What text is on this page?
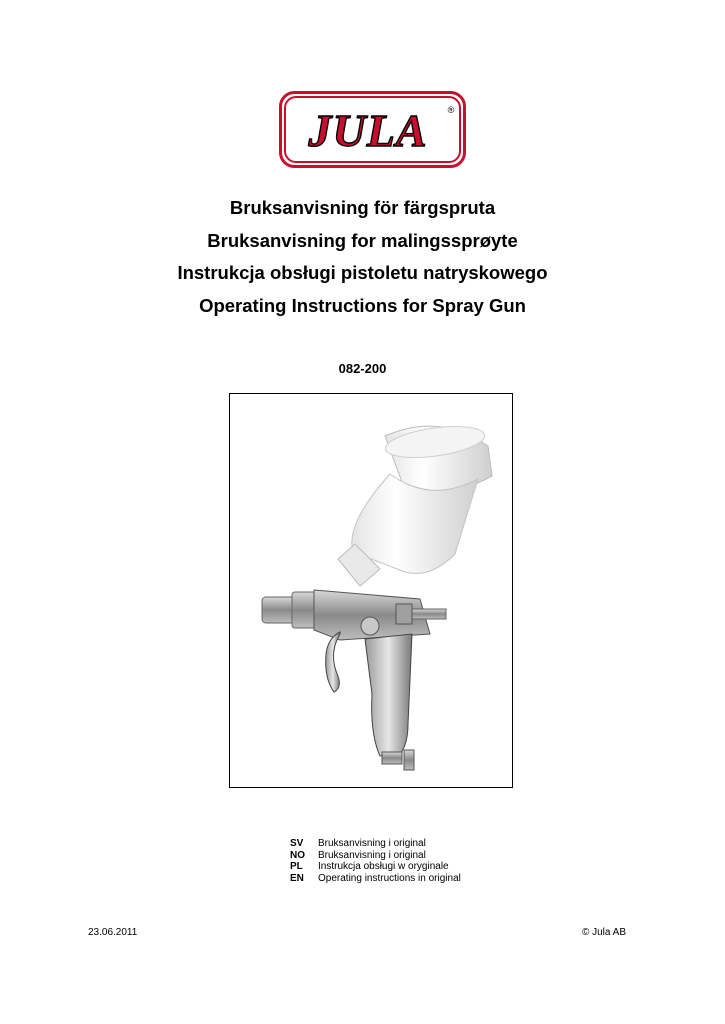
JULA ®

Bruksanvisning för färgspruta

Bruksanvisning for malingssprøyte

Instrukcja obsługi pistoletu natryskowego

Operating Instructions for Spray Gun

082-200
SV	Bruksanvisning i original
NO	Bruksanvisning i original
PL	Instrukcja obsługi w oryginale
EN	Operating instructions in original
23.06.2011	© Jula AB
